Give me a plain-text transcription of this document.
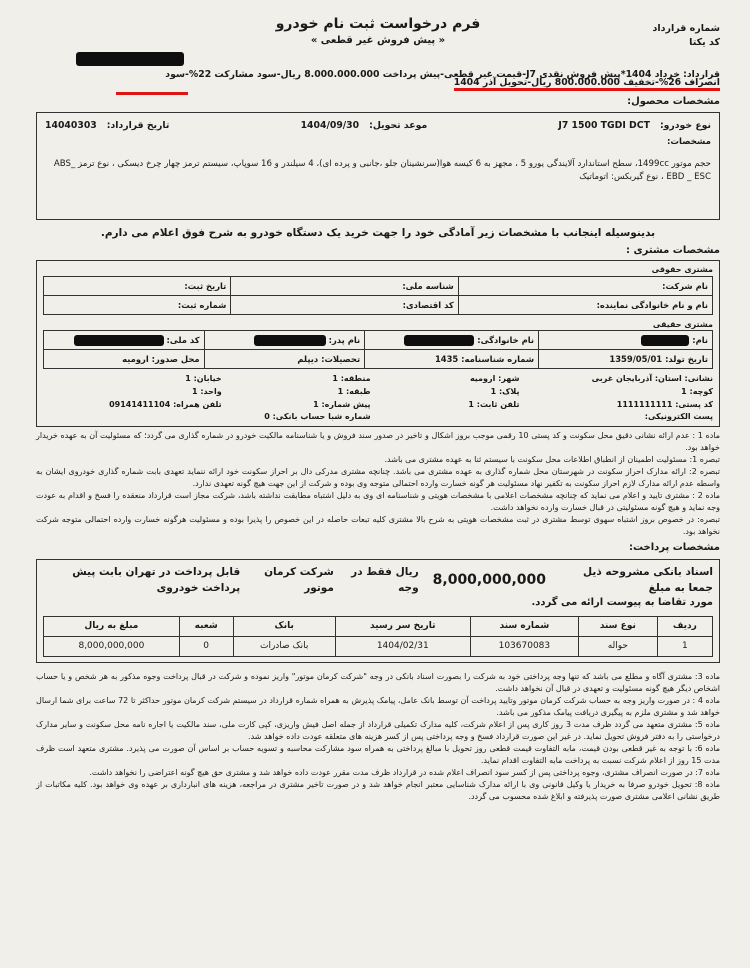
فرم درخواست ثبت نام خودرو
« پیش فروش غیر قطعی »
شماره قرارداد
کد یکتا
قرارداد: خرداد 1404*پیش فروش نقدی J7-قیمت غیر قطعی-پیش پرداخت 8.000.000.000 ریال-سود مشارکت 22%-سود
انصراف 26%-تخفیف 800.000.000 ریال-تحویل آذر 1404
مشخصات محصول:
نوع خودرو:
J7 1500 TGDI DCT
موعد تحویل:
1404/09/30
تاریخ قرارداد:
14040303
مشخصات:
حجم موتور 1499cc، سطح استاندارد آلایندگی یورو 5 ، مجهز به 6 کیسه هوا(سرنشینان جلو ،جانبی و پرده ای)، 4 سیلندر و 16 سوپاپ، سیستم ترمز چهار چرخ دیسکی ، نوع ترمز ABS_ EBD _ ESC ، نوع گیربکس: اتوماتیک
بدینوسیله اینجانب با مشخصات زیر آمادگی خود را جهت خرید یک دستگاه خودرو به شرح فوق اعلام می دارم.
مشخصات مشتری :
مشتری حقوقی
نام شرکت:	شناسه ملی:	تاریخ ثبت:
نام و نام خانوادگی نماینده:	کد اقتصادی:	شماره ثبت:
مشتری حقیقی
نام:	نام خانوادگی:	نام پدر:	کد ملی:
تاریخ تولد: 1359/05/01	شماره شناسنامه: 1435	تحصیلات: دیپلم	محل صدور: ارومیه
نشانی: استان: آذربایجان غربی
شهر: ارومیه
منطقه: 1
خیابان: 1
کوچه: 1
پلاک: 1
طبقه: 1
واحد: 1
کد پستی: 1111111111
تلفن ثابت: 1
پیش شماره: 1
تلفن همراه: 09141411104
پست الکترونیکی:
شماره شبا حساب بانکی: 0
ماده 1 : عدم ارائه نشانی دقیق محل سکونت و کد پستی 10 رقمی موجب بروز اشکال و تاخیر در صدور سند فروش و یا شناسنامه مالکیت خودرو در شماره گذاری می گردد؛ که مسئولیت آن به عهده خریدار خواهد بود.
تبصره 1: مسئولیت اطمینان از انطباق اطلاعات محل سکونت با سیستم ثنا به عهده مشتری می باشد.
تبصره 2: ارائه مدارک احراز سکونت در شهرستان محل شماره گذاری به عهده مشتری می باشد. چنانچه مشتری مدرکی دال بر احراز سکونت خود ارائه ننماید تعهدی بابت شماره گذاری خودروی ایشان به واسطه عدم ارائه مدارک لازم احراز سکونت به تکفیر نهاد مسئولیت هر گونه خسارت وارده احتمالی متوجه وی بوده و شرکت از این جهت هیچ گونه تعهدی ندارد.
ماده 2 : مشتری تایید و اعلام می نماید که چنانچه مشخصات اعلامی با مشخصات هویتی و شناسنامه ای وی به دلیل اشتباه مطابقت نداشته باشد، شرکت مجاز است قرارداد منعقده را فسخ و اقدام به عودت وجه نماید و هیچ گونه مسئولیتی در قبال خسارت وارده نخواهد داشت.
تبصره: در خصوص بروز اشتباه سهوی توسط مشتری در ثبت مشخصات هویتی به شرح بالا مشتری کلیه تبعات حاصله در این خصوص را پذیرا بوده و مسئولیت هرگونه خسارت وارده احتمالی متوجه شرکت نخواهد بود.
مشخصات پرداخت:
اسناد بانکی مشروحه ذیل جمعا به مبلغ
8,000,000,000
ریال فقط در وجه
شرکت کرمان موتور
قابل پرداخت در تهران بابت پیش پرداخت خودروی
مورد تقاضا به پیوست ارائه می گردد.
ردیف	نوع سند	شماره سند	تاریخ سر رسید	بانک	شعبه	مبلغ به ریال
1	حواله	103670083	1404/02/31	بانک صادرات	0	8,000,000,000
ماده 3: مشتری آگاه و مطلع می باشد که تنها وجه پرداختی خود به شرکت را بصورت اسناد بانکی در وجه "شرکت کرمان موتور" واریز نموده و شرکت در قبال پرداخت وجوه مذکور به هر شخص و یا حساب اشخاص دیگر هیچ گونه مسئولیت و تعهدی در قبال آن نخواهد داشت.
ماده 4 : در صورت واریز وجه به حساب شرکت کرمان موتور وتایید پرداخت آن توسط بانک عامل، پیامک پذیرش به همراه شماره قرارداد در سیستم شرکت کرمان موتور حداکثر تا 72 ساعت برای شما ارسال خواهد شد و مشتری ملزم به پیگیری دریافت پیامک مذکور می باشد.
ماده 5: مشتری متعهد می گردد ظرف مدت 3 روز کاری پس از اعلام شرکت، کلیه مدارک تکمیلی قرارداد از جمله اصل فیش واریزی، کپی کارت ملی، سند مالکیت یا اجاره نامه محل سکونت و سایر مدارک درخواستی را به دفتر فروش تحویل نماید. در غیر این صورت قرارداد فسخ و وجه پرداختی پس از کسر هزینه های متعلقه عودت داده خواهد شد.
ماده 6: با توجه به غیر قطعی بودن قیمت، مابه التفاوت قیمت قطعی روز تحویل با مبالغ پرداختی به همراه سود مشارکت محاسبه و تسویه حساب بر اساس آن صورت می پذیرد. مشتری متعهد است ظرف مدت 15 روز از اعلام شرکت نسبت به پرداخت مابه التفاوت اقدام نماید.
ماده 7: در صورت انصراف مشتری، وجوه پرداختی پس از کسر سود انصراف اعلام شده در قرارداد ظرف مدت مقرر عودت داده خواهد شد و مشتری حق هیچ گونه اعتراضی را نخواهد داشت.
ماده 8: تحویل خودرو صرفا به خریدار یا وکیل قانونی وی با ارائه مدارک شناسایی معتبر انجام خواهد شد و در صورت تاخیر مشتری در مراجعه، هزینه های انبارداری بر عهده وی خواهد بود. کلیه مکاتبات از طریق نشانی اعلامی مشتری صورت پذیرفته و ابلاغ شده محسوب می گردد.
